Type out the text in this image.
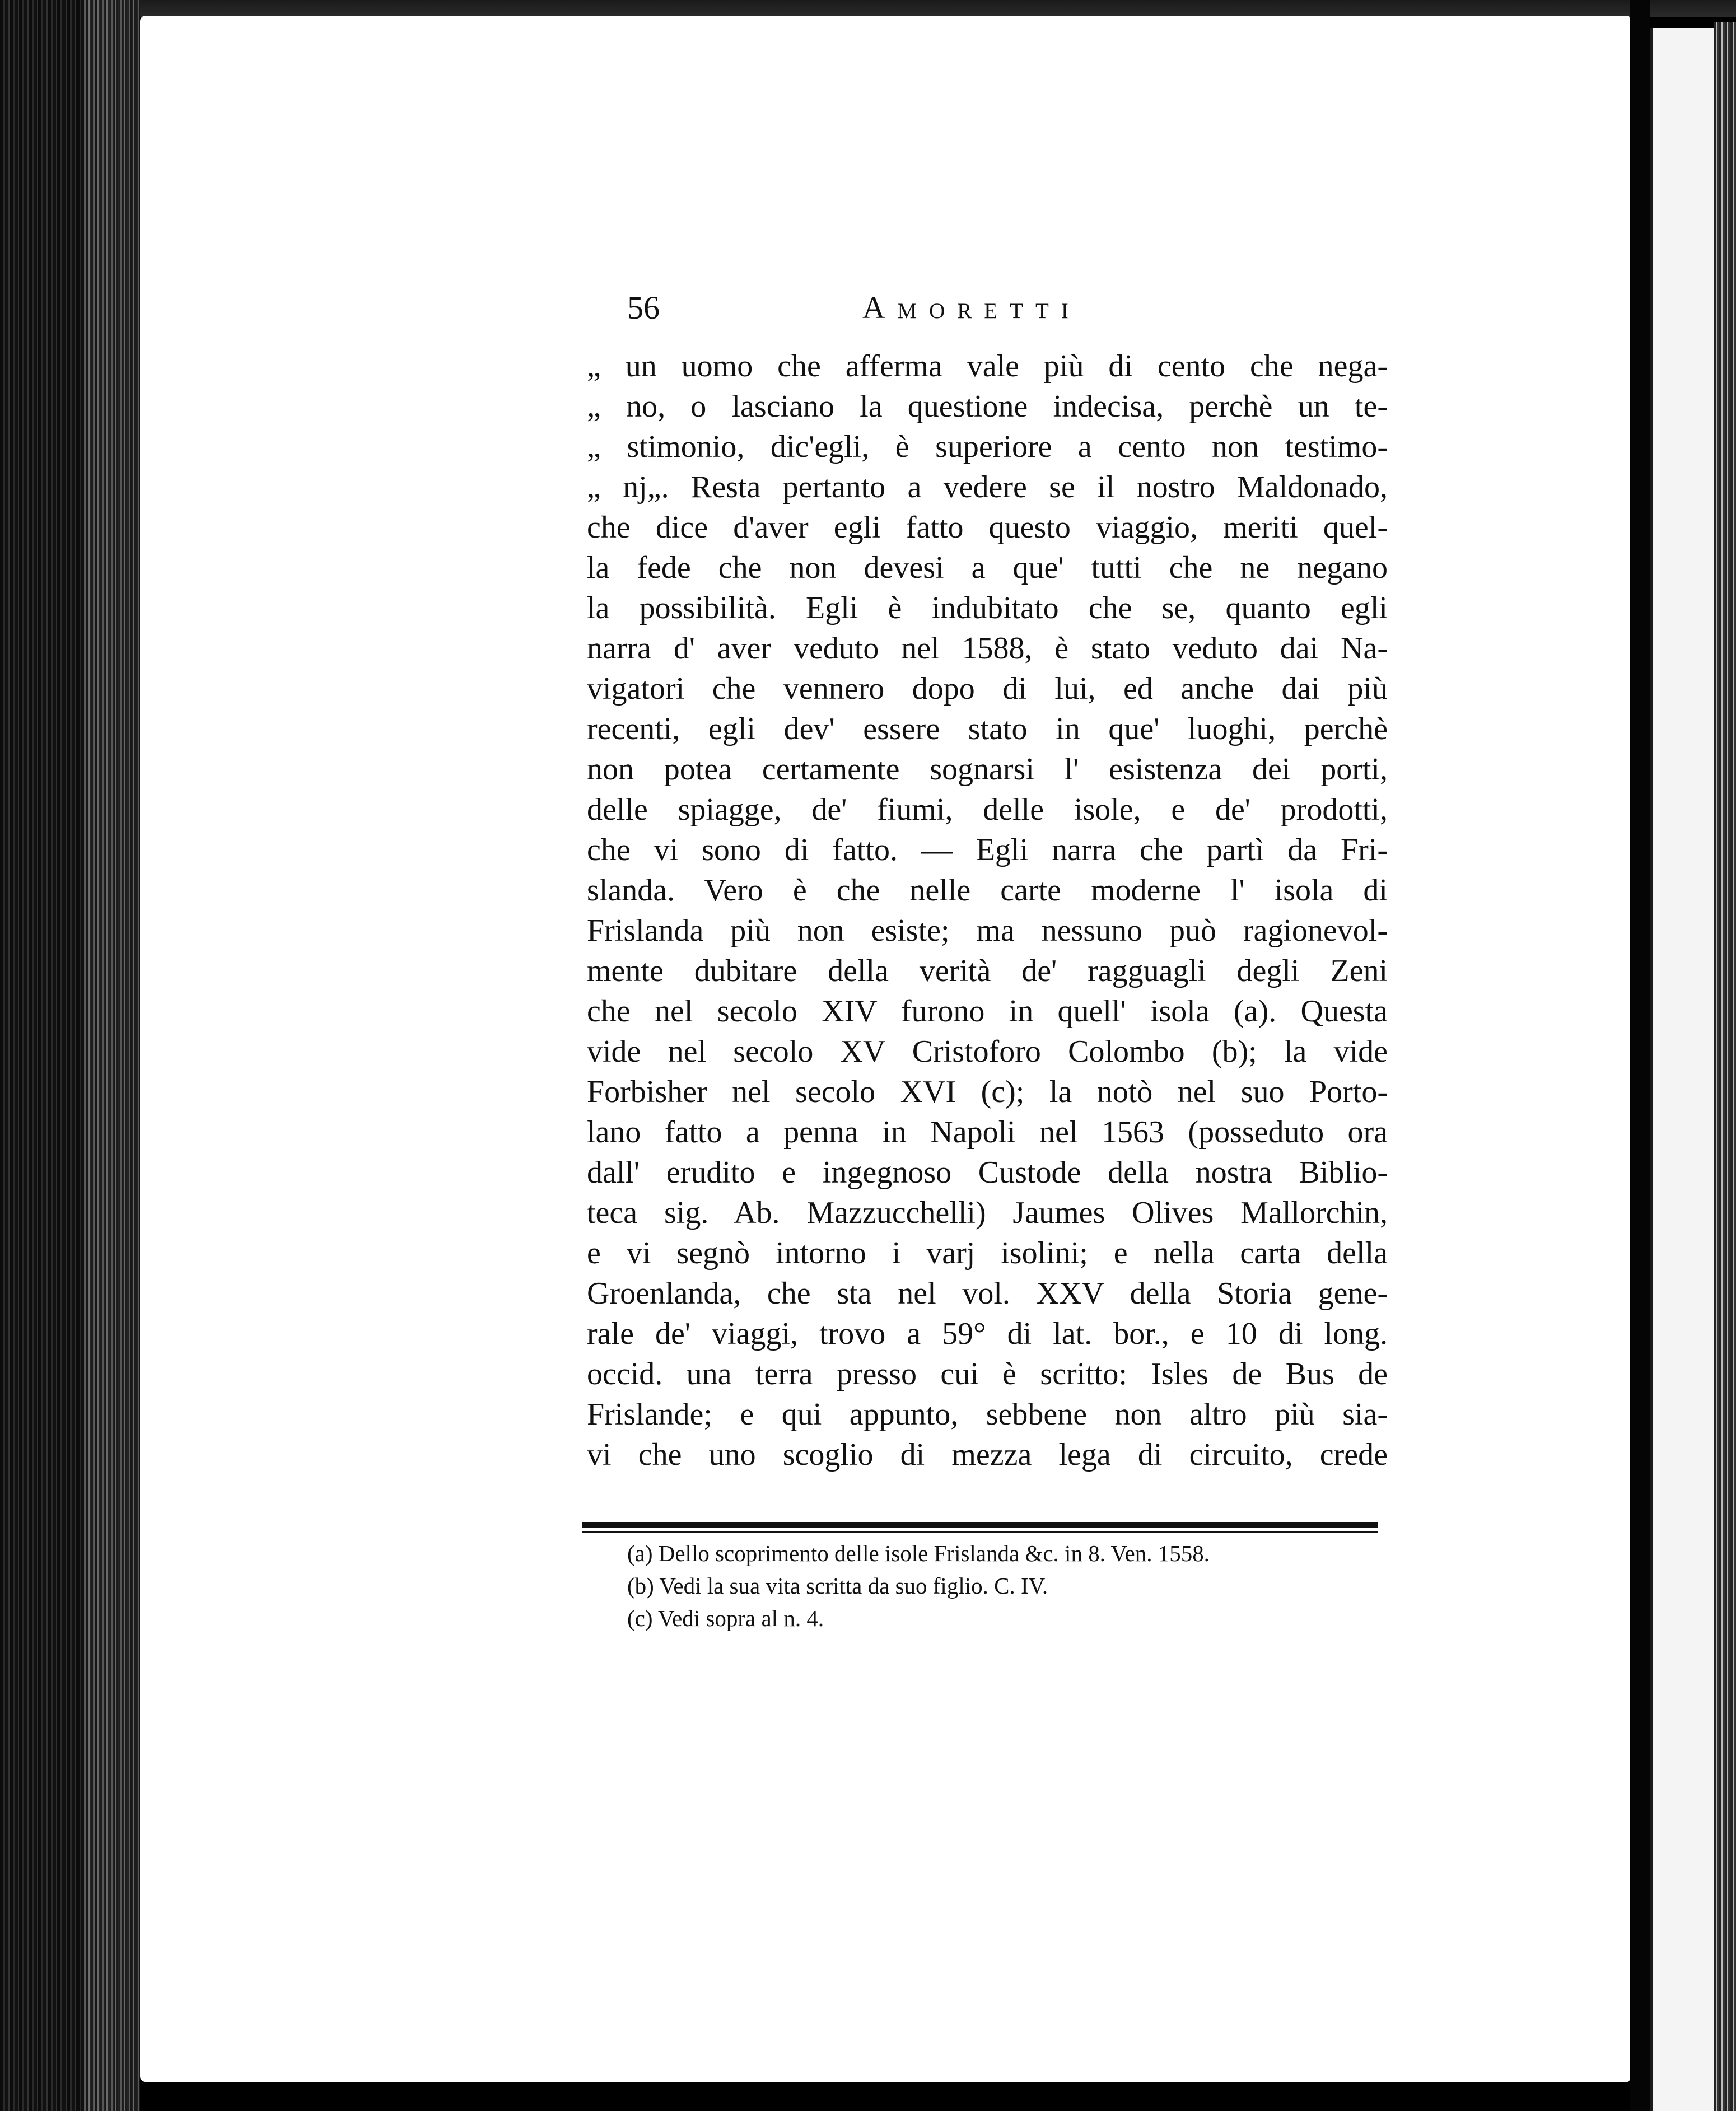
56	Amoretti
„ un uomo che afferma vale più di cento che nega-
„ no, o lasciano la questione indecisa, perchè un te-
„ stimonio, dic'egli, è superiore a cento non testimo-
„ nj„. Resta pertanto a vedere se il nostro Maldonado,
che dice d'aver egli fatto questo viaggio, meriti quel-
la fede che non devesi a que' tutti che ne negano
la possibilità. Egli è indubitato che se, quanto egli
narra d' aver veduto nel 1588, è stato veduto dai Na-
vigatori che vennero dopo di lui, ed anche dai più
recenti, egli dev' essere stato in que' luoghi, perchè
non potea certamente sognarsi l' esistenza dei porti,
delle spiagge, de' fiumi, delle isole, e de' prodotti,
che vi sono di fatto. — Egli narra che partì da Fri-
slanda. Vero è che nelle carte moderne l' isola di
Frislanda più non esiste; ma nessuno può ragionevol-
mente dubitare della verità de' ragguagli degli Zeni
che nel secolo XIV furono in quell' isola (a). Questa
vide nel secolo XV Cristoforo Colombo (b); la vide
Forbisher nel secolo XVI (c); la notò nel suo Porto-
lano fatto a penna in Napoli nel 1563 (posseduto ora
dall' erudito e ingegnoso Custode della nostra Biblio-
teca sig. Ab. Mazzucchelli) Jaumes Olives Mallorchin,
e vi segnò intorno i varj isolini; e nella carta della
Groenlanda, che sta nel vol. XXV della Storia gene-
rale de' viaggi, trovo a 59° di lat. bor., e 10 di long.
occid. una terra presso cui è scritto: Isles de Bus de
Frislande; e qui appunto, sebbene non altro più sia-
vi che uno scoglio di mezza lega di circuito, crede
(a) Dello scoprimento delle isole Frislanda &c. in 8. Ven. 1558.
(b) Vedi la sua vita scritta da suo figlio. C. IV.
(c) Vedi sopra al n. 4.
